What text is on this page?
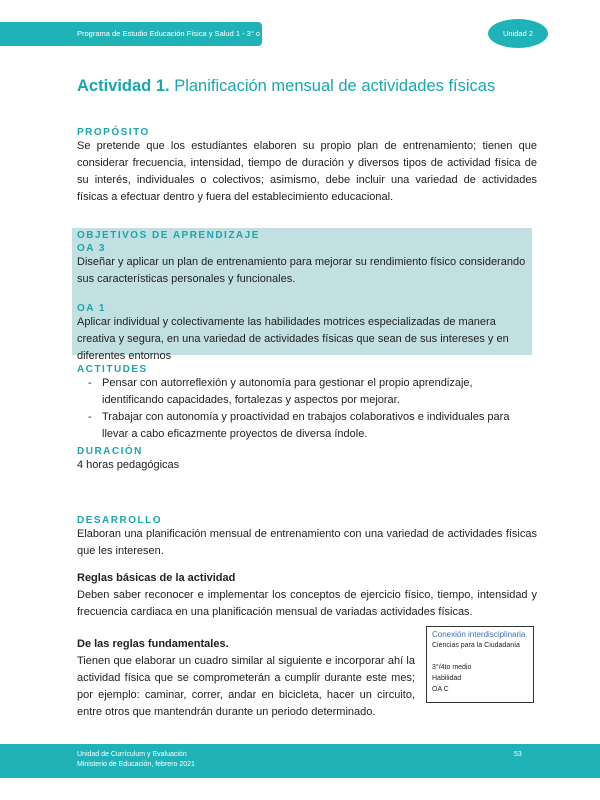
Programa de Estudio Educación Física y Salud 1 - 3° o 4° medio
Unidad 2
Actividad 1. Planificación mensual de actividades físicas
PROPÓSITO

Se pretende que los estudiantes elaboren su propio plan de entrenamiento; tienen que considerar frecuencia, intensidad, tiempo de duración y diversos tipos de actividad física de su interés, individuales o colectivos; asimismo, debe incluir una variedad de actividades físicas a efectuar dentro y fuera del establecimiento educacional.

OBJETIVOS DE APRENDIZAJE
OA 3

Diseñar y aplicar un plan de entrenamiento para mejorar su rendimiento físico considerando sus características personales y funcionales.

OA 1

Aplicar individual y colectivamente las habilidades motrices especializadas de manera creativa y segura, en una variedad de actividades físicas que sean de sus intereses y en diferentes entornos

ACTITUDES
- Pensar con autorreflexión y autonomía para gestionar el propio aprendizaje, identificando capacidades, fortalezas y aspectos por mejorar.
- Trabajar con autonomía y proactividad en trabajos colaborativos e individuales para llevar a cabo eficazmente proyectos de diversa índole.
DURACIÓN

4 horas pedagógicas

DESARROLLO

Elaboran una planificación mensual de entrenamiento con una variedad de actividades físicas que les interesen.

Reglas básicas de la actividad

Deben saber reconocer e implementar los conceptos de ejercicio físico, tiempo, intensidad y frecuencia cardiaca en una planificación mensual de variadas actividades físicas.

De las reglas fundamentales.

Tienen que elaborar un cuadro similar al siguiente e incorporar ahí la actividad física que se comprometerán a cumplir durante este mes; por ejemplo: caminar, correr, andar en bicicleta, hacer un circuito, entre otros que mantendrán durante un periodo determinado.

Conexión interdisciplinaria
Ciencias para la Ciudadanía
3°/4to medio
Habilidad
OA C
Unidad de Currículum y Evaluación
Ministerio de Educación, febrero 2021
53
